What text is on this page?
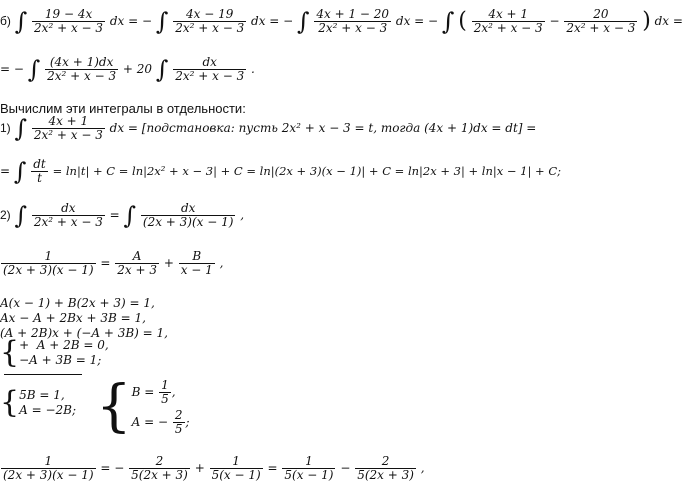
б) ∫ $\frac{19 - 4x}{\text{2x² + x − 3}}$ dx = − ∫ $\frac{4x - 19}{\text{2x² + x − 3}}$ dx = − ∫ $\frac{4x + 1 - 20}{\text{2x² + x − 3}}$ dx = − ∫ ( $\frac{4x + 1}{\text{2x² + x − 3}} - \frac{20}{\text{2x² + x − 3}}$ ) dx =
= − ∫ $\frac{(4x + 1)dx}{\text{2x² + x − 3}} + 20$ ∫ $\frac{dx}{\text{2x² + x − 3}}$ .
Вычислим эти интегралы в отдельности:
1) ∫ $\frac{4x + 1}{\text{2x² + x − 3}}$ dx = [подстановка: пусть 2x² + x − 3 = t, тогда (4x + 1)dx = dt] =
= ∫ $\frac{dt}{t} = \ln|t| + C = \ln|2x^2 + x - 3| + C = \ln|(2x + 3)(x - 1)| + C = \ln|2x + 3| + \ln|x - 1| + C$;
2) ∫ $\frac{dx}{\text{2x² + x − 3}}$ = ∫ $\frac{dx}{(2x + 3)(x - 1)}$ ,
$\frac{1}{(2x + 3)(x - 1)} = \frac{A}{2x + 3} + \frac{B}{x - 1}$ ,
A(x − 1) + B(2x + 3) = 1,
Ax − A + 2Bx + 3B = 1,
(A + 2B)x + (−A + 3B) = 1,
{ + A + 2B = 0,
−A + 3B = 1;
{ 5B = 1,
A = −2B; { $B = \frac{1}{5}$ ,
A = − $\frac{2}{5}$ ;
$\frac{1}{(2x + 3)(x - 1)}$ = − $\frac{2}{5(2x + 3)} + \frac{1}{5(x - 1)} = \frac{1}{5(x - 1)} - \frac{2}{5(2x + 3)}$ ,
